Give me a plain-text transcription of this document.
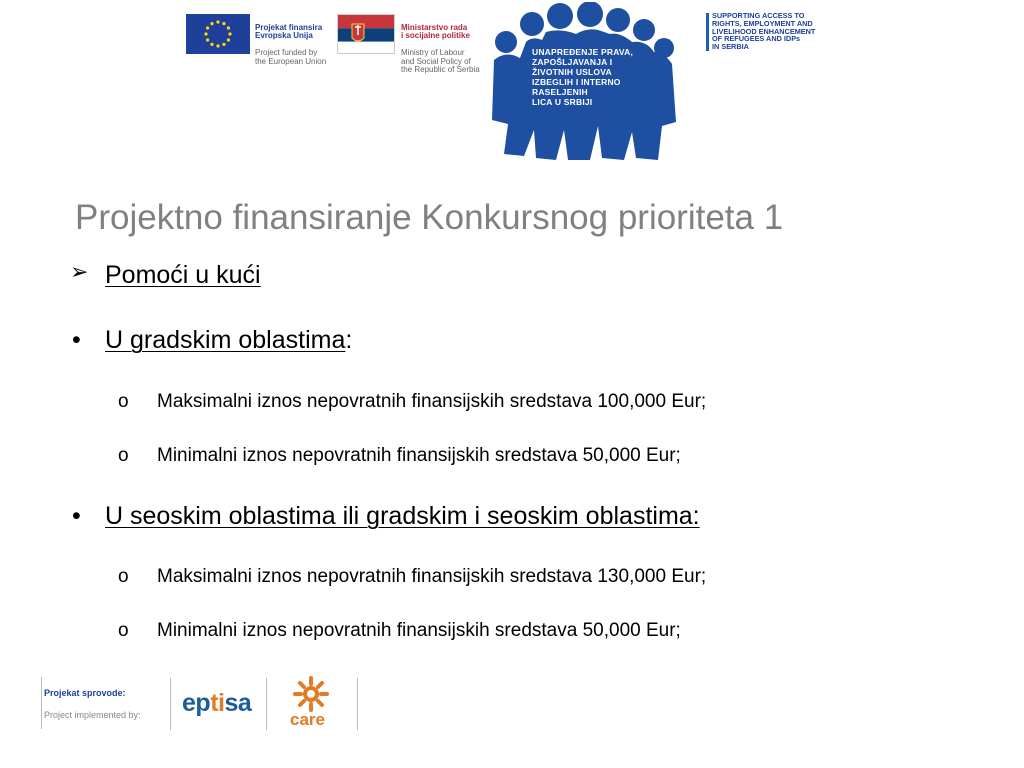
Projekat finansira
Evropska Unija

Project funded by
the European Union

Ministarstvo rada
i socijalne politike

Ministry of Labour
and Social Policy of
the Republic of Serbia

UNAPREĐENJE PRAVA,
ZAPOŠLJAVANJA I
ŽIVOTNIH USLOVA
IZBEGLIH I INTERNO
RASELJENIH
LICA U SRBIJI
SUPPORTING ACCESS TO
RIGHTS, EMPLOYMENT AND
LIVELIHOOD ENHANCEMENT
OF REFUGEES AND IDPs
IN SERBIA
Projektno finansiranje Konkursnog prioriteta 1
➢ Pomoći u kući
• U gradskim oblastima:
o Maksimalni iznos nepovratnih finansijskih sredstava 100,000 Eur;
o Minimalni iznos nepovratnih finansijskih sredstava 50,000 Eur;
• U seoskim oblastima ili gradskim i seoskim oblastima:
o Maksimalni iznos nepovratnih finansijskih sredstava 130,000 Eur;
o Minimalni iznos nepovratnih finansijskih sredstava 50,000 Eur;

Projekat sprovode:

Project implemented by: eptisa
care
